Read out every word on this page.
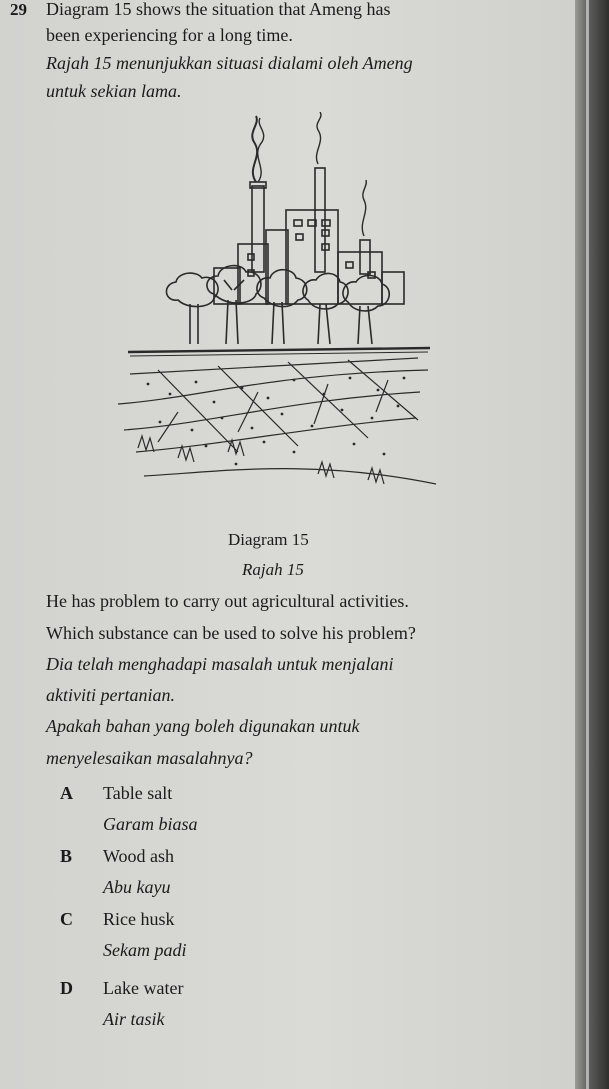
29 Diagram 15 shows the situation that Ameng has
been experiencing for a long time.
Rajah 15 menunjukkan situasi dialami oleh Ameng
untuk sekian lama.
Diagram 15
Rajah 15
He has problem to carry out agricultural activities.
Which substance can be used to solve his problem?
Dia telah menghadapi masalah untuk menjalani
aktiviti pertanian.
Apakah bahan yang boleh digunakan untuk
menyelesaikan masalahnya?
A Table salt
Garam biasa
B Wood ash
Abu kayu
C Rice husk
Sekam padi
D Lake water
Air tasik
